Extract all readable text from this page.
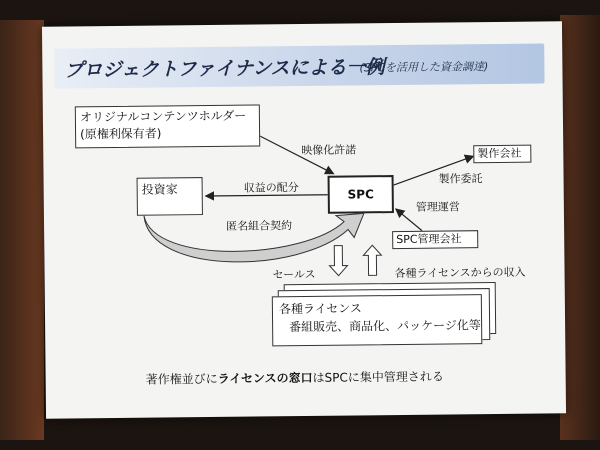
プロジェクトファイナンスによる一例
(SPCを活用した資金調達)
オリジナルコンテンツホルダー
(原権利保有者)
投資家	SPC
製作会社
SPC管理会社
各種ライセンス
番組販売、商品化、パッケージ化等
映像化許諾
収益の配分
匿名組合契約
製作委託
管理運営
セールス	各種ライセンスからの収入
著作権並びにライセンスの窓口はSPCに集中管理される
